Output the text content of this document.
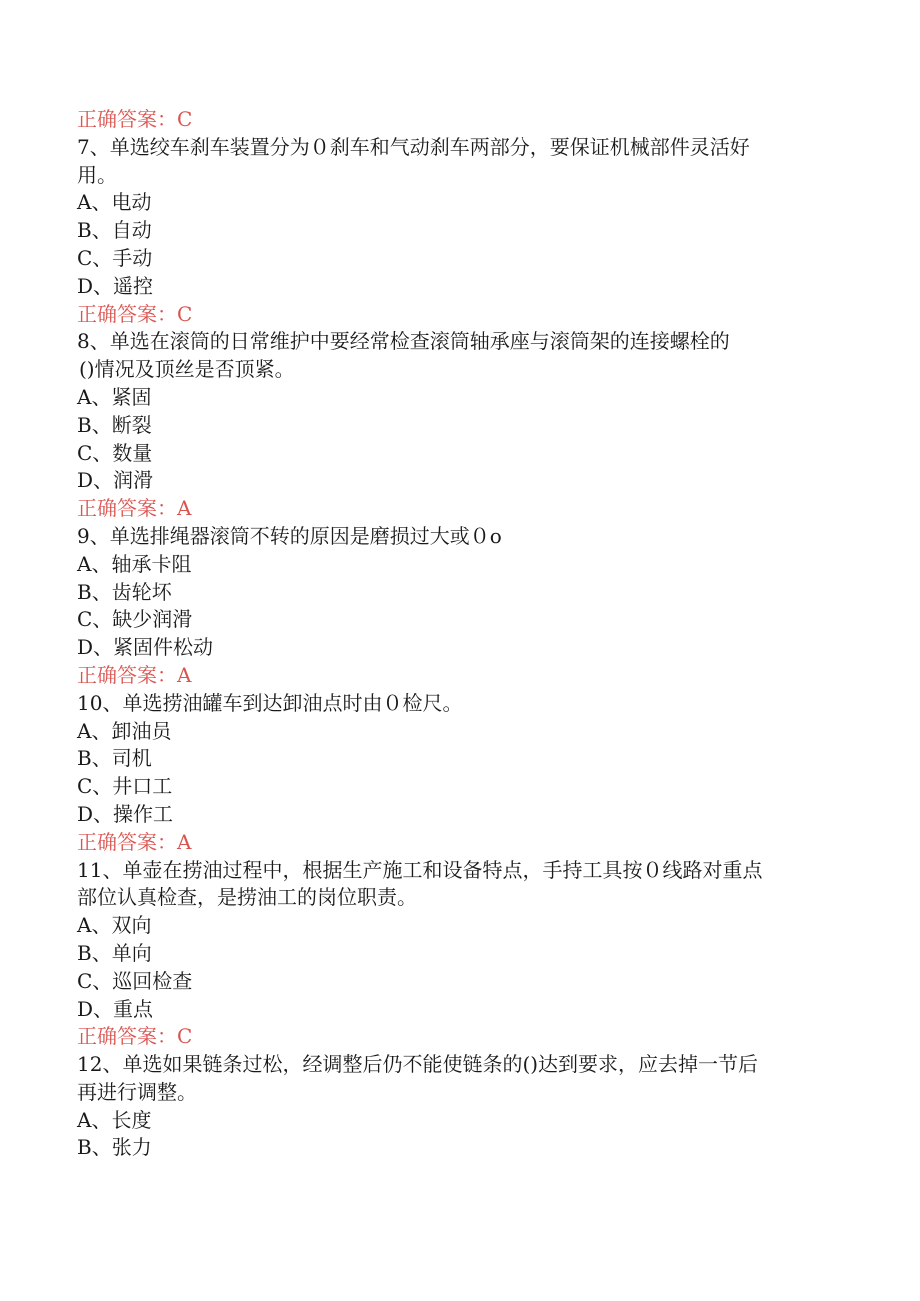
正确答案：C
7、单选绞车刹车装置分为０刹车和气动刹车两部分，要保证机械部件灵活好
用。
A、电动
B、自动
C、手动
D、遥控
正确答案：C
8、单选在滚筒的日常维护中要经常检查滚筒轴承座与滚筒架的连接螺栓的
()情况及顶丝是否顶紧。
A、紧固
B、断裂
C、数量
D、润滑
正确答案：A
9、单选排绳器滚筒不转的原因是磨损过大或０o
A、轴承卡阻
B、齿轮坏
C、缺少润滑
D、紧固件松动
正确答案：A
10、单选捞油罐车到达卸油点时由０检尺。
A、卸油员
B、司机
C、井口工
D、操作工
正确答案：A
11、单壶在捞油过程中，根据生产施工和设备特点，手持工具按０线路对重点
部位认真检查，是捞油工的岗位职责。
A、双向
B、单向
C、巡回检查
D、重点
正确答案：C
12、单选如果链条过松，经调整后仍不能使链条的()达到要求，应去掉一节后
再进行调整。
A、长度
B、张力
